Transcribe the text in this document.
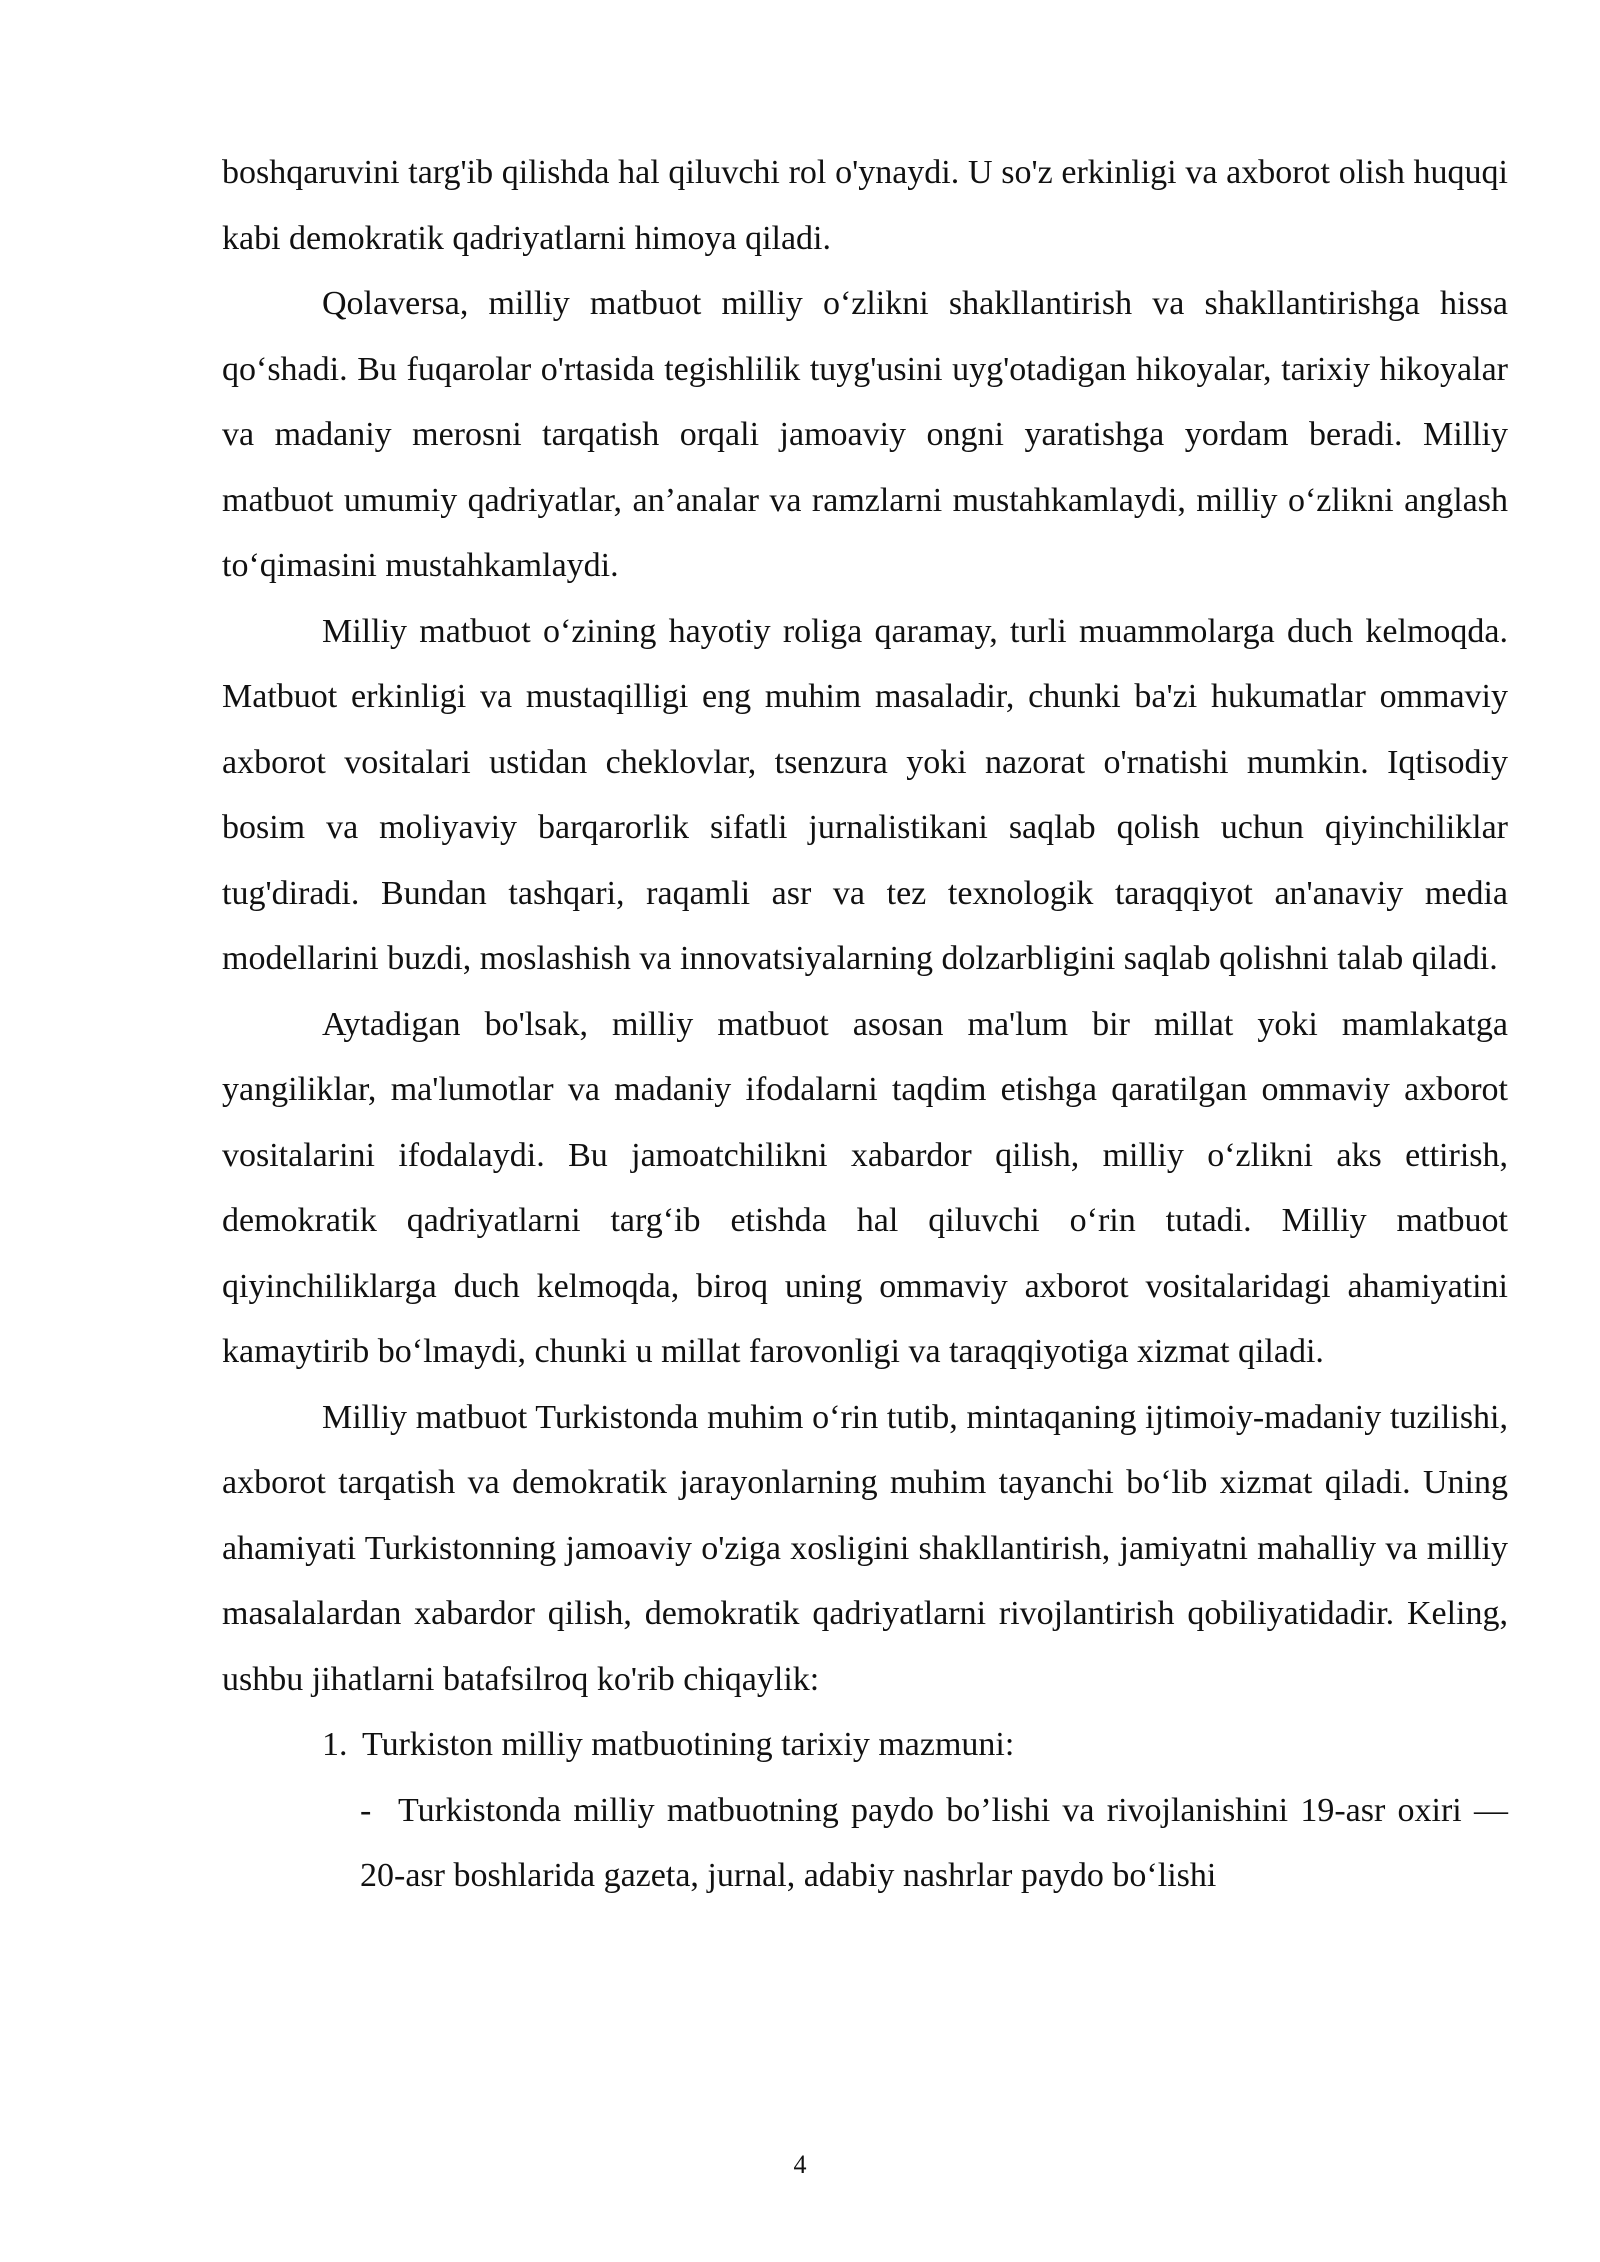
boshqaruvini targ'ib qilishda hal qiluvchi rol o'ynaydi. U so'z erkinligi va axborot olish huquqi kabi demokratik qadriyatlarni himoya qiladi.

Qolaversa, milliy matbuot milliy o‘zlikni shakllantirish va shakllantirishga hissa qo‘shadi. Bu fuqarolar o'rtasida tegishlilik tuyg'usini uyg'otadigan hikoyalar, tarixiy hikoyalar va madaniy merosni tarqatish orqali jamoaviy ongni yaratishga yordam beradi. Milliy matbuot umumiy qadriyatlar, an’analar va ramzlarni mustahkamlaydi, milliy o‘zlikni anglash to‘qimasini mustahkamlaydi.

Milliy matbuot o‘zining hayotiy roliga qaramay, turli muammolarga duch kelmoqda. Matbuot erkinligi va mustaqilligi eng muhim masaladir, chunki ba'zi hukumatlar ommaviy axborot vositalari ustidan cheklovlar, tsenzura yoki nazorat o'rnatishi mumkin. Iqtisodiy bosim va moliyaviy barqarorlik sifatli jurnalistikani saqlab qolish uchun qiyinchiliklar tug'diradi. Bundan tashqari, raqamli asr va tez texnologik taraqqiyot an'anaviy media modellarini buzdi, moslashish va innovatsiyalarning dolzarbligini saqlab qolishni talab qiladi.

Aytadigan bo'lsak, milliy matbuot asosan ma'lum bir millat yoki mamlakatga yangiliklar, ma'lumotlar va madaniy ifodalarni taqdim etishga qaratilgan ommaviy axborot vositalarini ifodalaydi. Bu jamoatchilikni xabardor qilish, milliy o‘zlikni aks ettirish, demokratik qadriyatlarni targ‘ib etishda hal qiluvchi o‘rin tutadi. Milliy matbuot qiyinchiliklarga duch kelmoqda, biroq uning ommaviy axborot vositalaridagi ahamiyatini kamaytirib bo‘lmaydi, chunki u millat farovonligi va taraqqiyotiga xizmat qiladi.

Milliy matbuot Turkistonda muhim o‘rin tutib, mintaqaning ijtimoiy-madaniy tuzilishi, axborot tarqatish va demokratik jarayonlarning muhim tayanchi bo‘lib xizmat qiladi. Uning ahamiyati Turkistonning jamoaviy o'ziga xosligini shakllantirish, jamiyatni mahalliy va milliy masalalardan xabardor qilish, demokratik qadriyatlarni rivojlantirish qobiliyatidadir. Keling, ushbu jihatlarni batafsilroq ko'rib chiqaylik:

1. Turkiston milliy matbuotining tarixiy mazmuni:
- Turkistonda milliy matbuotning paydo bo’lishi va rivojlanishini 19-asr oxiri — 20-asr boshlarida gazeta, jurnal, adabiy nashrlar paydo bo‘lishi
4
